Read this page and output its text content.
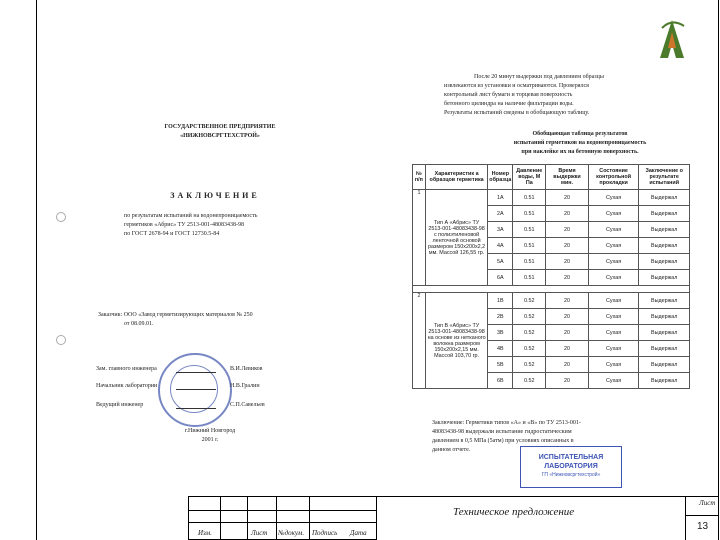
ГОСУДАРСТВЕННОЕ ПРЕДПРИЯТИЕ
«НИЖНОВСРГТЕХСТРОЙ»
ЗАКЛЮЧЕНИЕ
по результатам испытаний на водонепроницаемость
герметиков «Абрис» ТУ 2513-001-48083438-98
по ГОСТ 2678-94 и ГОСТ 12730.5-84
Заказчик: ООО «Завод герметизирующих материалов № 250
от 08.09.01.
Зам. главного инженера	В.И.Левиков
Начальник лаборатории	Н.В.Гралин
Ведущий инженер	С.П.Савельев
г.Нижний Новгород
2001 г.
После 20 минут выдержки под давлением образцы
извлекаются из установки и осматриваются. Проверялся
контрольный лист бумаги и торцевая поверхность
бетонного цилиндра на наличие фильтрации воды.
Результаты испытаний сведены в обобщающую таблицу.
Обобщающая таблица результатов
испытаний герметиков на водонепроницаемость
при наклейке их на бетонную поверхность.
№ п/п	Характеристик а образцов герметика	Номер образца	Давление воды, М Па	Время выдержки мин.	Состояние контрольной прокладки	Заключение о результате испытаний
1	Тип А «Абрис» ТУ 2513-001-48083438-98 с полиэтиленовой ленточной основой размером 150х200х2,2 мм. Массой 126,55 гр.	1А	0.51	20	Сухая	Выдержал
		2А	0.51	20	Сухая	Выдержал
		3А	0.51	20	Сухая	Выдержал
		4А	0.51	20	Сухая	Выдержал
		5А	0.51	20	Сухая	Выдержал
		6А	0.51	20	Сухая	Выдержал

2	Тип В «Абрис» ТУ 2513-001-48083438-98 на основе из нетканого волокна размером 150х200х2,15 мм. Массой 103,70 гр.	1В	0.52	20	Сухая	Выдержал
		2В	0.52	20	Сухая	Выдержал
		3В	0.52	20	Сухая	Выдержал
		4В	0.52	20	Сухая	Выдержал
		5В	0.52	20	Сухая	Выдержал
		6В	0.52	20	Сухая	Выдержал
Заключение: Герметики типов «А» и «В» по ТУ 2513-001-
48083438-98 выдержали испытание гидростатическим
давлением в 0,5 МПа (5атм) при условиях описанных в
данном отчете.
ИСПЫТАТЕЛЬНАЯ
ЛАБОРАТОРИЯ
ГП «Нижновсргтехстрой»
Изм.	Лист №докум. Подпись Дата
Техническое предложение
Лист
13
